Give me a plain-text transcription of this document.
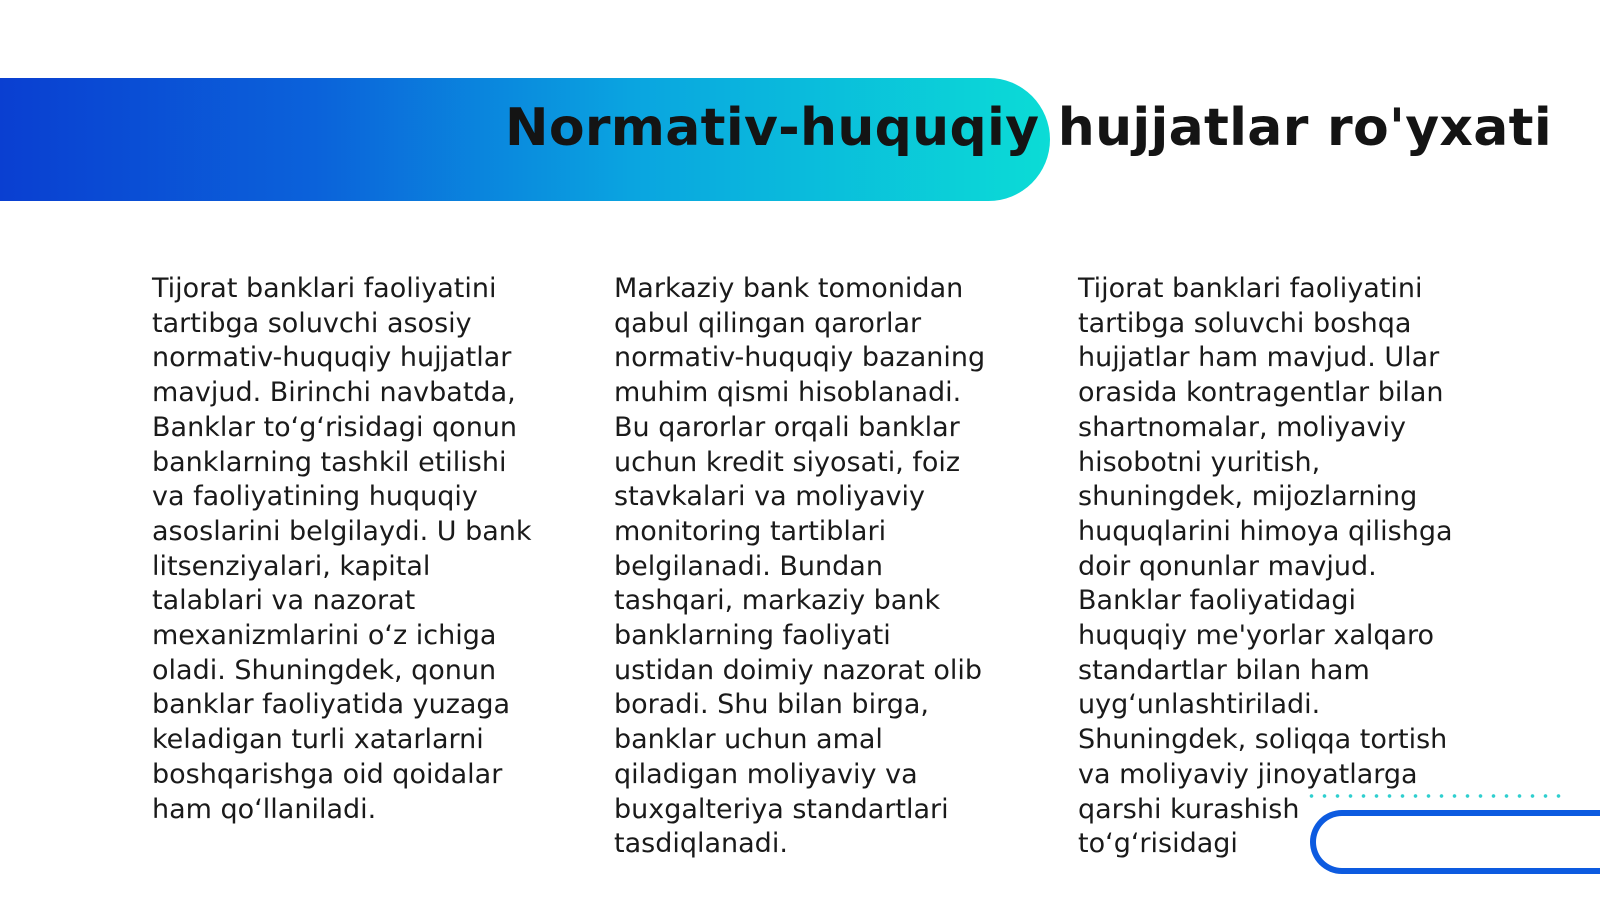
Normativ-huquqiy hujjatlar ro'yxati

Tijorat banklari faoliyatini tartibga soluvchi asosiy normativ-huquqiy hujjatlar mavjud. Birinchi navbatda, Banklar to‘g‘risidagi qonun banklarning tashkil etilishi va faoliyatining huquqiy asoslarini belgilaydi. U bank litsenziyalari, kapital talablari va nazorat mexanizmlarini o‘z ichiga oladi. Shuningdek, qonun banklar faoliyatida yuzaga keladigan turli xatarlarni boshqarishga oid qoidalar ham qo‘llaniladi.

Markaziy bank tomonidan qabul qilingan qarorlar normativ-huquqiy bazaning muhim qismi hisoblanadi. Bu qarorlar orqali banklar uchun kredit siyosati, foiz stavkalari va moliyaviy monitoring tartiblari belgilanadi. Bundan tashqari, markaziy bank banklarning faoliyati ustidan doimiy nazorat olib boradi. Shu bilan birga, banklar uchun amal qiladigan moliyaviy va buxgalteriya standartlari tasdiqlanadi.

Tijorat banklari faoliyatini tartibga soluvchi boshqa hujjatlar ham mavjud. Ular orasida kontragentlar bilan shartnomalar, moliyaviy hisobotni yuritish, shuningdek, mijozlarning huquqlarini himoya qilishga doir qonunlar mavjud. Banklar faoliyatidagi huquqiy me'yorlar xalqaro standartlar bilan ham uyg‘unlashtiriladi. Shuningdek, soliqqa tortish va moliyaviy jinoyatlarga qarshi kurashish to‘g‘risidagi
